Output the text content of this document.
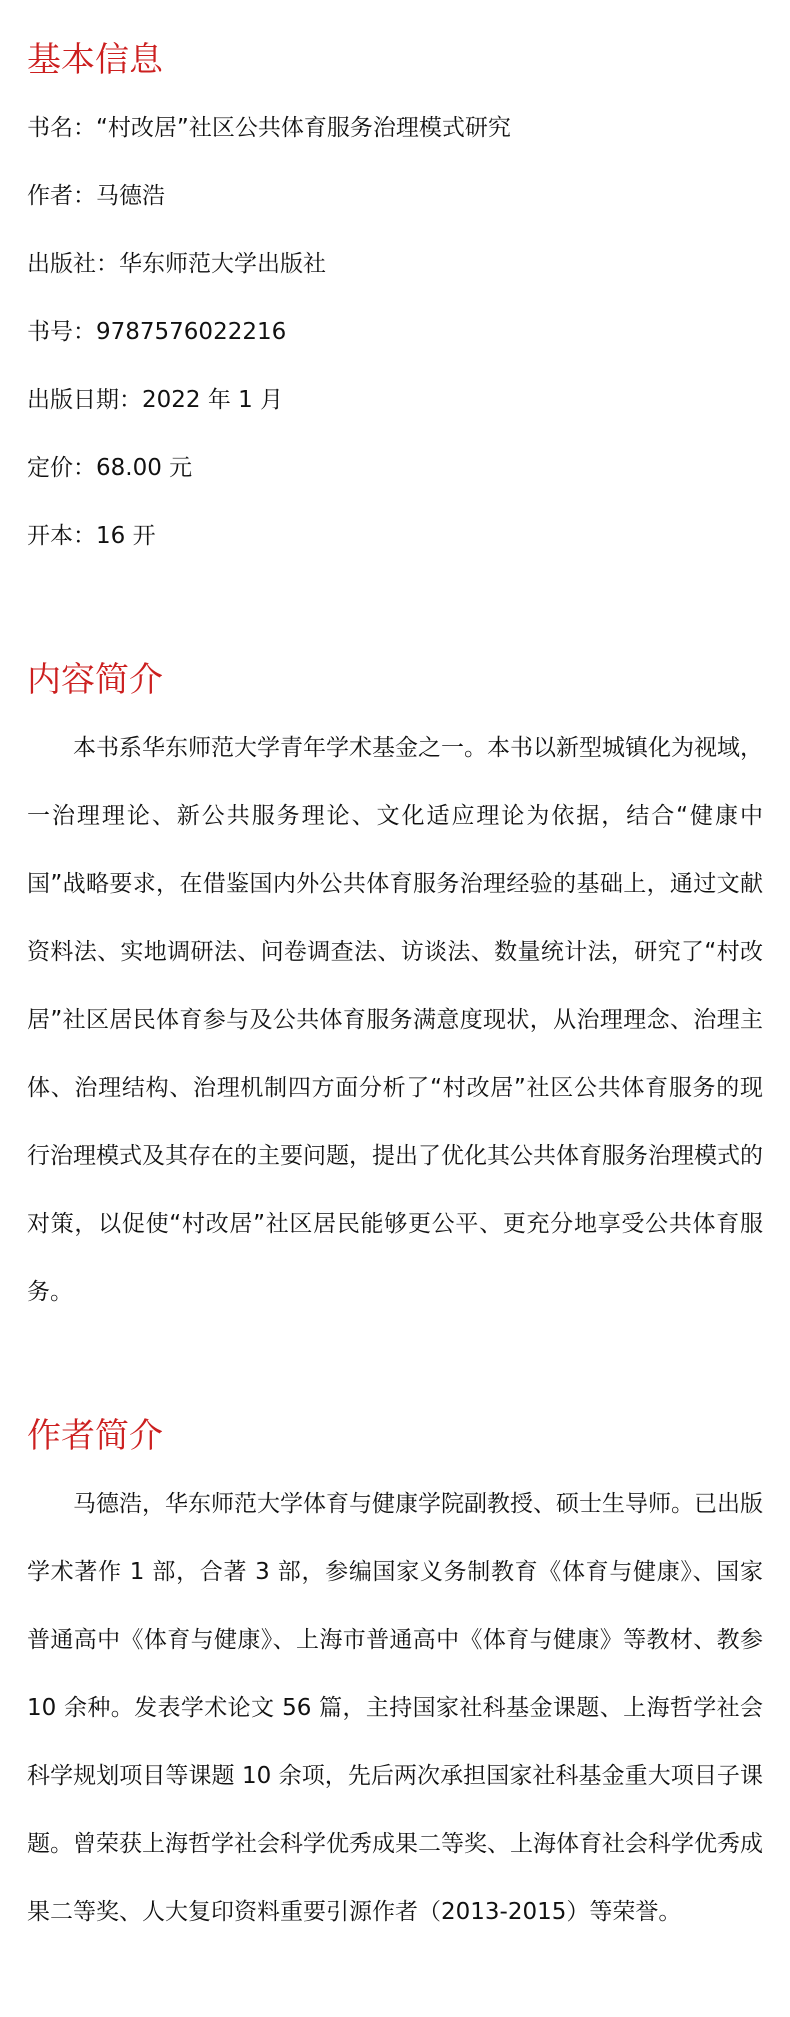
基本信息
书名：“村改居”社区公共体育服务治理模式研究
作者：马德浩
出版社：华东师范大学出版社
书号：9787576022216
出版日期：2022 年 1 月
定价：68.00 元
开本：16 开
内容简介

本书系华东师范大学青年学术基金之一。本书以新型城镇化为视域，一治理理论、新公共服务理论、文化适应理论为依据，结合“健康中国”战略要求，在借鉴国内外公共体育服务治理经验的基础上，通过文献资料法、实地调研法、问卷调查法、访谈法、数量统计法，研究了“村改居”社区居民体育参与及公共体育服务满意度现状，从治理理念、治理主体、治理结构、治理机制四方面分析了“村改居”社区公共体育服务的现行治理模式及其存在的主要问题，提出了优化其公共体育服务治理模式的对策，以促使“村改居”社区居民能够更公平、更充分地享受公共体育服务。

作者简介

马德浩，华东师范大学体育与健康学院副教授、硕士生导师。已出版学术著作 1 部，合著 3 部，参编国家义务制教育《体育与健康》、国家普通高中《体育与健康》、上海市普通高中《体育与健康》等教材、教参 10 余种。发表学术论文 56 篇，主持国家社科基金课题、上海哲学社会科学规划项目等课题 10 余项，先后两次承担国家社科基金重大项目子课题。曾荣获上海哲学社会科学优秀成果二等奖、上海体育社会科学优秀成果二等奖、人大复印资料重要引源作者（2013-2015）等荣誉。
